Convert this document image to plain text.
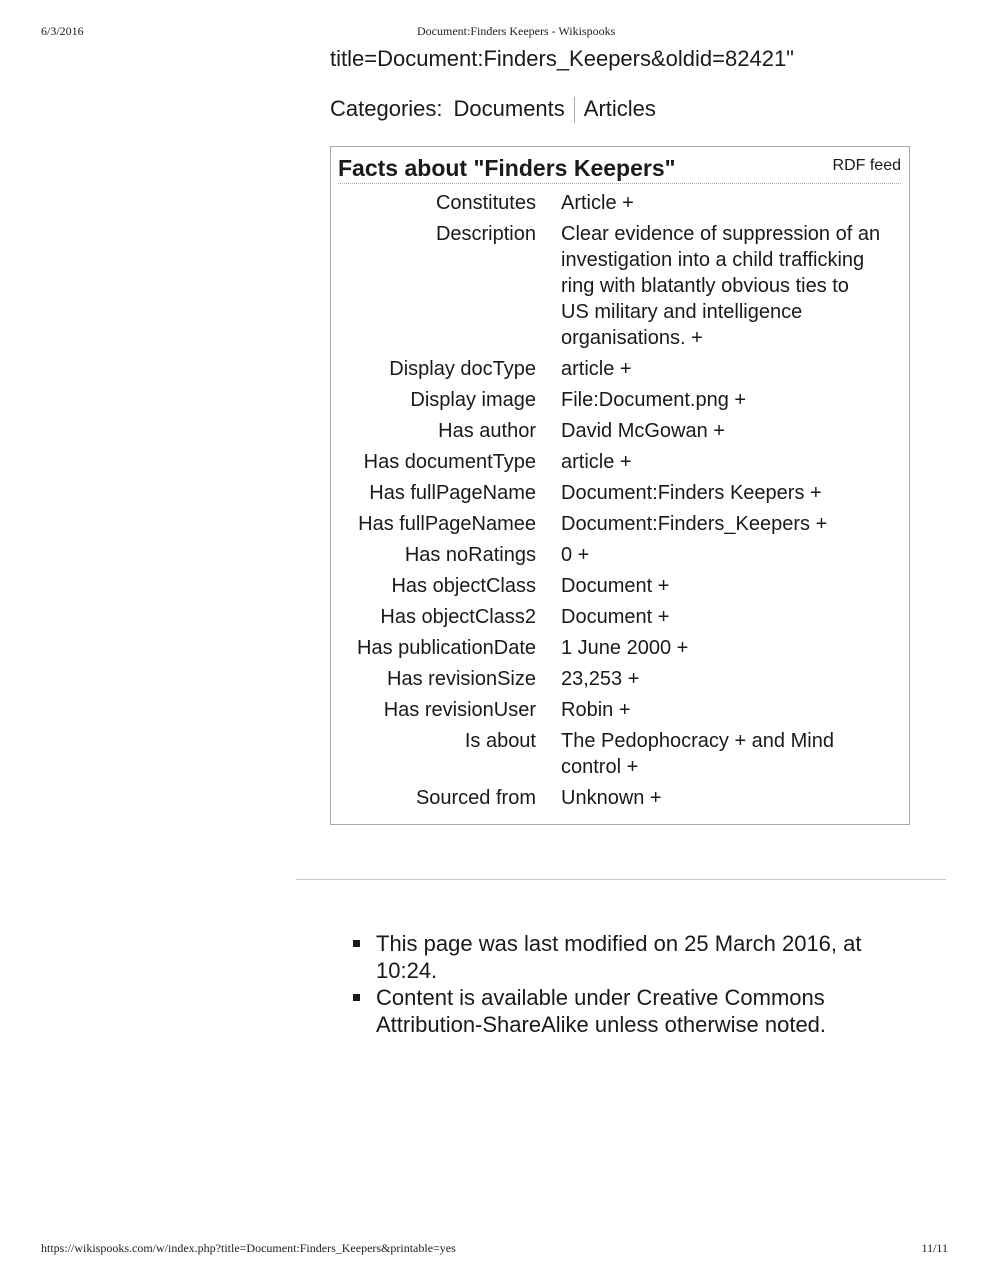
6/3/2016	Document:Finders Keepers - Wikispooks

title=Document:Finders_Keepers&oldid=82421"

Categories: Documents Articles
Facts about "Finders Keepers"	RDF feed
Constitutes	Article +
Description	Clear evidence of suppression of an investigation into a child trafficking ring with blatantly obvious ties to US military and intelligence organisations. +
Display docType	article +
Display image	File:Document.png +
Has author	David McGowan +
Has documentType	article +
Has fullPageName	Document:Finders Keepers +
Has fullPageNamee	Document:Finders_Keepers +
Has noRatings	0 +
Has objectClass	Document +
Has objectClass2	Document +
Has publicationDate	1 June 2000 +
Has revisionSize	23,253 +
Has revisionUser	Robin +
Is about	The Pedophocracy + and Mind control +
Sourced from	Unknown +
This page was last modified on 25 March 2016, at 10:24.
Content is available under Creative Commons Attribution-ShareAlike unless otherwise noted.
https://wikispooks.com/w/index.php?title=Document:Finders_Keepers&printable=yes	11/11
